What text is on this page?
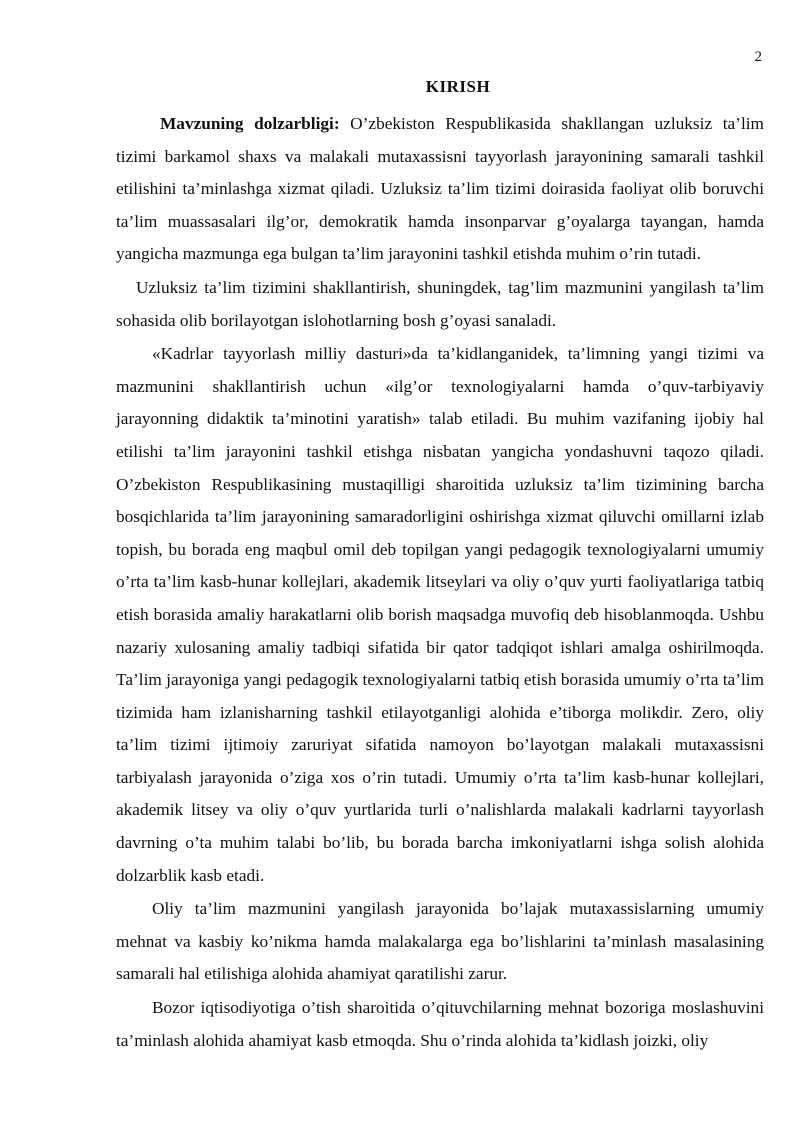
2
KIRISH

Mavzuning dolzarbligi: O’zbekiston Respublikasida shakllangan uzluksiz ta’lim tizimi barkamol shaxs va malakali mutaxassisni tayyorlash jarayonining samarali tashkil etilishini ta’minlashga xizmat qiladi. Uzluksiz ta’lim tizimi doirasida faoliyat olib boruvchi ta’lim muassasalari ilg’or, demokratik hamda insonparvar g’oyalarga tayangan, hamda yangicha mazmunga ega bulgan ta’lim jarayonini tashkil etishda muhim o’rin tutadi.

Uzluksiz ta’lim tizimini shakllantirish, shuningdek, tag’lim mazmunini yangilash ta’lim sohasida olib borilayotgan islohotlarning bosh g’oyasi sanaladi.

«Kadrlar tayyorlash milliy dasturi»da ta’kidlanganidek, ta’limning yangi tizimi va mazmunini shakllantirish uchun «ilg’or texnologiyalarni hamda o’quv-tarbiyaviy jarayonning didaktik ta’minotini yaratish» talab etiladi. Bu muhim vazifaning ijobiy hal etilishi ta’lim jarayonini tashkil etishga nisbatan yangicha yondashuvni taqozo qiladi. O’zbekiston Respublikasining mustaqilligi sharoitida uzluksiz ta’lim tizimining barcha bosqichlarida ta’lim jarayonining samaradorligini oshirishga xizmat qiluvchi omillarni izlab topish, bu borada eng maqbul omil deb topilgan yangi pedagogik texnologiyalarni umumiy o’rta ta’lim kasb-hunar kollejlari, akademik litseylari va oliy o’quv yurti faoliyatlariga tatbiq etish borasida amaliy harakatlarni olib borish maqsadga muvofiq deb hisoblanmoqda. Ushbu nazariy xulosaning amaliy tadbiqi sifatida bir qator tadqiqot ishlari amalga oshirilmoqda. Ta’lim jarayoniga yangi pedagogik texnologiyalarni tatbiq etish borasida umumiy o’rta ta’lim tizimida ham izlanisharning tashkil etilayotganligi alohida e’tiborga molikdir. Zero, oliy ta’lim tizimi ijtimoiy zaruriyat sifatida namoyon bo’layotgan malakali mutaxassisni tarbiyalash jarayonida o’ziga xos o’rin tutadi. Umumiy o’rta ta’lim kasb-hunar kollejlari, akademik litsey va oliy o’quv yurtlarida turli o’nalishlarda malakali kadrlarni tayyorlash davrning o’ta muhim talabi bo’lib, bu borada barcha imkoniyatlarni ishga solish alohida dolzarblik kasb etadi.

Oliy ta’lim mazmunini yangilash jarayonida bo’lajak mutaxassislarning umumiy mehnat va kasbiy ko’nikma hamda malakalarga ega bo’lishlarini ta’minlash masalasining samarali hal etilishiga alohida ahamiyat qaratilishi zarur.

Bozor iqtisodiyotiga o’tish sharoitida o’qituvchilarning mehnat bozoriga moslashuvini ta’minlash alohida ahamiyat kasb etmoqda. Shu o’rinda alohida ta’kidlash joizki, oliy
